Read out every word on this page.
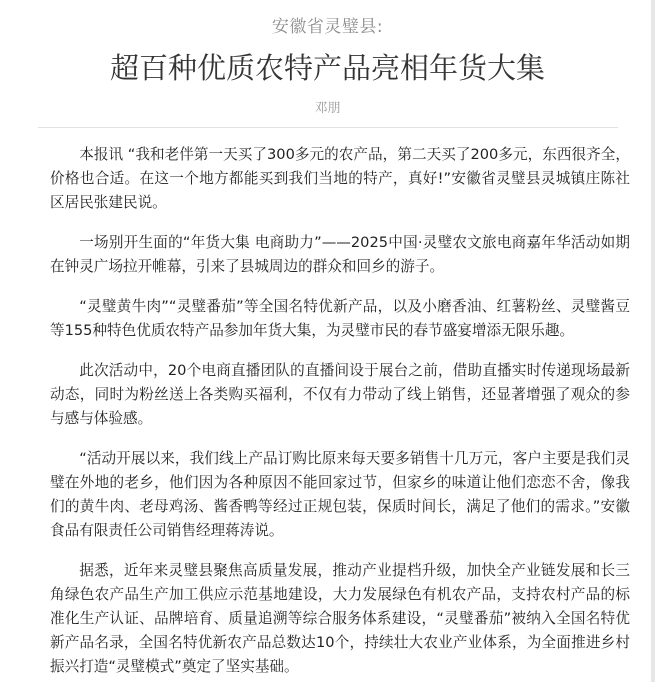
安徽省灵璧县:
超百种优质农特产品亮相年货大集
邓朋

本报讯 “我和老伴第一天买了300多元的农产品，第二天买了200多元，东西很齐全，价格也合适。在这一个地方都能买到我们当地的特产，真好!”安徽省灵璧县灵城镇庄陈社区居民张建民说。

一场别开生面的“年货大集 电商助力”——2025中国·灵璧农文旅电商嘉年华活动如期在钟灵广场拉开帷幕，引来了县城周边的群众和回乡的游子。

“灵璧黄牛肉”“灵璧番茄”等全国名特优新产品，以及小磨香油、红薯粉丝、灵璧酱豆等155种特色优质农特产品参加年货大集，为灵璧市民的春节盛宴增添无限乐趣。

此次活动中，20个电商直播团队的直播间设于展台之前，借助直播实时传递现场最新动态，同时为粉丝送上各类购买福利，不仅有力带动了线上销售，还显著增强了观众的参与感与体验感。

“活动开展以来，我们线上产品订购比原来每天要多销售十几万元，客户主要是我们灵璧在外地的老乡，他们因为各种原因不能回家过节，但家乡的味道让他们恋恋不舍，像我们的黄牛肉、老母鸡汤、酱香鸭等经过正规包装，保质时间长，满足了他们的需求。”安徽食品有限责任公司销售经理蒋涛说。

据悉，近年来灵璧县聚焦高质量发展，推动产业提档升级，加快全产业链发展和长三角绿色农产品生产加工供应示范基地建设，大力发展绿色有机农产品，支持农村产品的标准化生产认证、品牌培育、质量追溯等综合服务体系建设，“灵璧番茄”被纳入全国名特优新产品名录，全国名特优新农产品总数达10个，持续壮大农业产业体系，为全面推进乡村振兴打造“灵璧模式”奠定了坚实基础。
